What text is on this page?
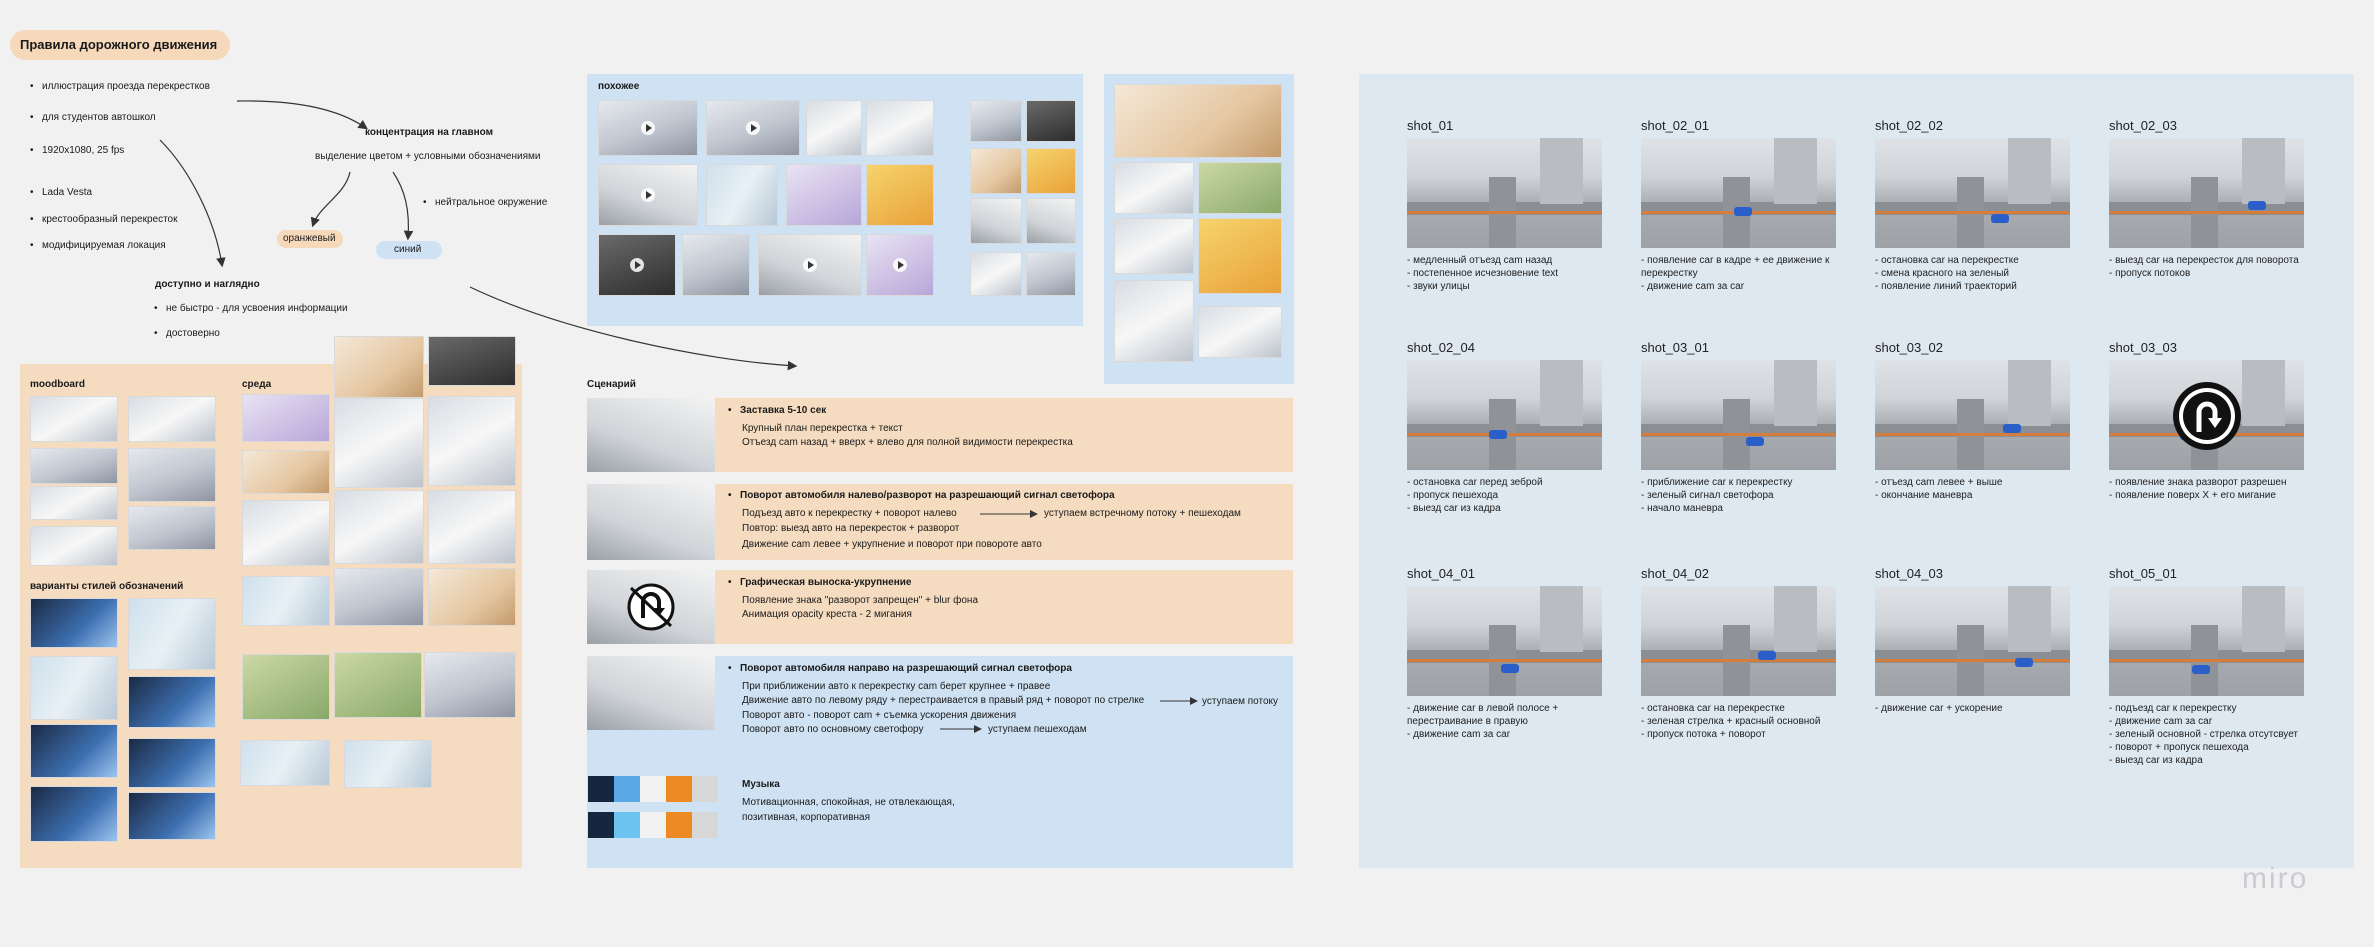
Правила дорожного движения
• иллюстрация проезда перекрестков
• для студентов автошкол
• 1920x1080, 25 fps
• Lada Vesta
• крестообразный перекресток
• модифицируемая локация
концентрация на главном
выделение цветом + условными обозначениями
• нейтральное окружение
оранжевый
синий
доступно и наглядно
• не быстро - для усвоения информации
• достоверно
moodboard	среда
варианты стилей обозначений
похожее
Сценарий
• Заставка 5-10 сек
Крупный план перекрестка + текст
Отъезд cam назад + вверх + влево для полной видимости перекрестка
• Поворот автомобиля налево/разворот на разрешающий сигнал светофора
Подъезд авто к перекрестку + поворот налево	уступаем встречному потоку + пешеходам
Повтор: выезд авто на перекресток + разворот
Движение cam левее + укрупнение и поворот при повороте авто
• Графическая выноска-укрупнение
Появление знака "разворот запрещен" + blur фона
Анимация opacity креста - 2 мигания
• Поворот автомобиля направо на разрешающий сигнал светофора
При приближении авто к перекрестку cam берет крупнее + правее
Движение авто по левому ряду + перестраивается в правый ряд + поворот по стрелке	уступаем потоку
Поворот авто - поворот cam + съемка ускорения движения
Поворот авто по основному светофору	уступаем пешеходам
Музыка
Мотивационная, спокойная, не отвлекающая,
позитивная, корпоративная
shot_01
- медленный отъезд cam назад
- постепенное исчезновение text
- звуки улицы
shot_02_01
- появление car в кадре + ее движение к
перекрестку
- движение cam за car
shot_02_02
- остановка car на перекрестке
- смена красного на зеленый
- появление линий траекторий
shot_02_03
- выезд car на перекресток для поворота
- пропуск потоков
shot_02_04
- остановка car перед зеброй
- пропуск пешехода
- выезд car из кадра
shot_03_01
- приближение car к перекрестку
- зеленый сигнал светофора
- начало маневра
shot_03_02
- отъезд cam левее + выше
- окончание маневра
shot_03_03
- появление знака разворот разрешен
- появление поверх Х + его мигание
shot_04_01
- движение car в левой полосе +
перестраивание в правую
- движение cam за car
shot_04_02
- остановка car на перекрестке
- зеленая стрелка + красный основной
- пропуск потока + поворот
shot_04_03
- движение car + ускорение
shot_05_01
- подъезд car к перекрестку
- движение cam за car
- зеленый основной - стрелка отсутсвует
- поворот + пропуск пешехода
- выезд car из кадра
miro
